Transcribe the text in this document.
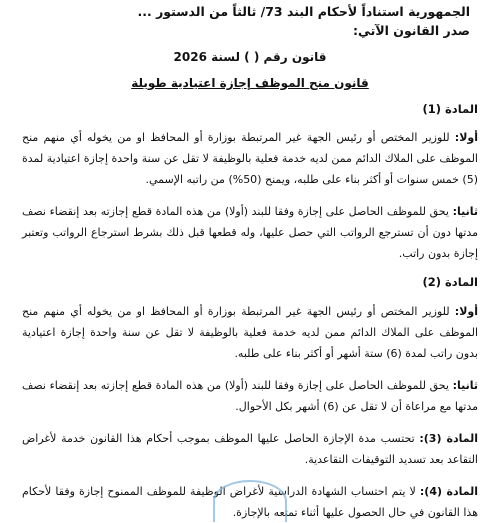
الجمهورية استناداً لأحكام البند 73/ ثالثاً من الدستور ...

صدر القانون الآتي:

قانون رقم ( ) لسنة 2026

قانون منح الموظف إجازة اعتيادية طويلة

المادة (1)

أولا: للوزير المختص أو رئيس الجهة غير المرتبطة بوزارة أو المحافظ او من يخوله أي منهم منح الموظف على الملاك الدائم ممن لديه خدمة فعلية بالوظيفة لا تقل عن سنة واحدة إجازة اعتيادية لمدة (5) خمس سنوات أو أكثر بناء على طلبه، ويمنح (50%) من راتبه الإسمي.

ثانيا: يحق للموظف الحاصل على إجازة وفقا للبند (أولا) من هذه المادة قطع إجازته بعد إنقضاء نصف مدتها دون أن تسترجع الرواتب التي حصل عليها، وله قطعها قبل ذلك بشرط استرجاع الرواتب وتعتبر إجازة بدون راتب.

المادة (2)

أولا: للوزير المختص أو رئيس الجهة غير المرتبطة بوزارة أو المحافظ او من يخوله أي منهم منح الموظف على الملاك الدائم ممن لديه خدمة فعلية بالوظيفة لا تقل عن سنة واحدة إجازة اعتيادية بدون راتب لمدة (6) ستة أشهر أو أكثر بناء على طلبه.

ثانيا: يحق للموظف الحاصل على إجازة وفقا للبند (أولا) من هذه المادة قطع إجازته بعد إنقضاء نصف مدتها مع مراعاة أن لا تقل عن (6) أشهر بكل الأحوال.

المادة (3): تحتسب مدة الإجازة الحاصل عليها الموظف بموجب أحكام هذا القانون خدمة لأغراض التقاعد بعد تسديد التوقيفات التقاعدية.

المادة (4): لا يتم احتساب الشهادة الدراسية لأغراض الوظيفة للموظف الممنوح إجازة وفقا لأحكام هذا القانون في حال الحصول عليها أثناء تمتعه بالإجازة.
